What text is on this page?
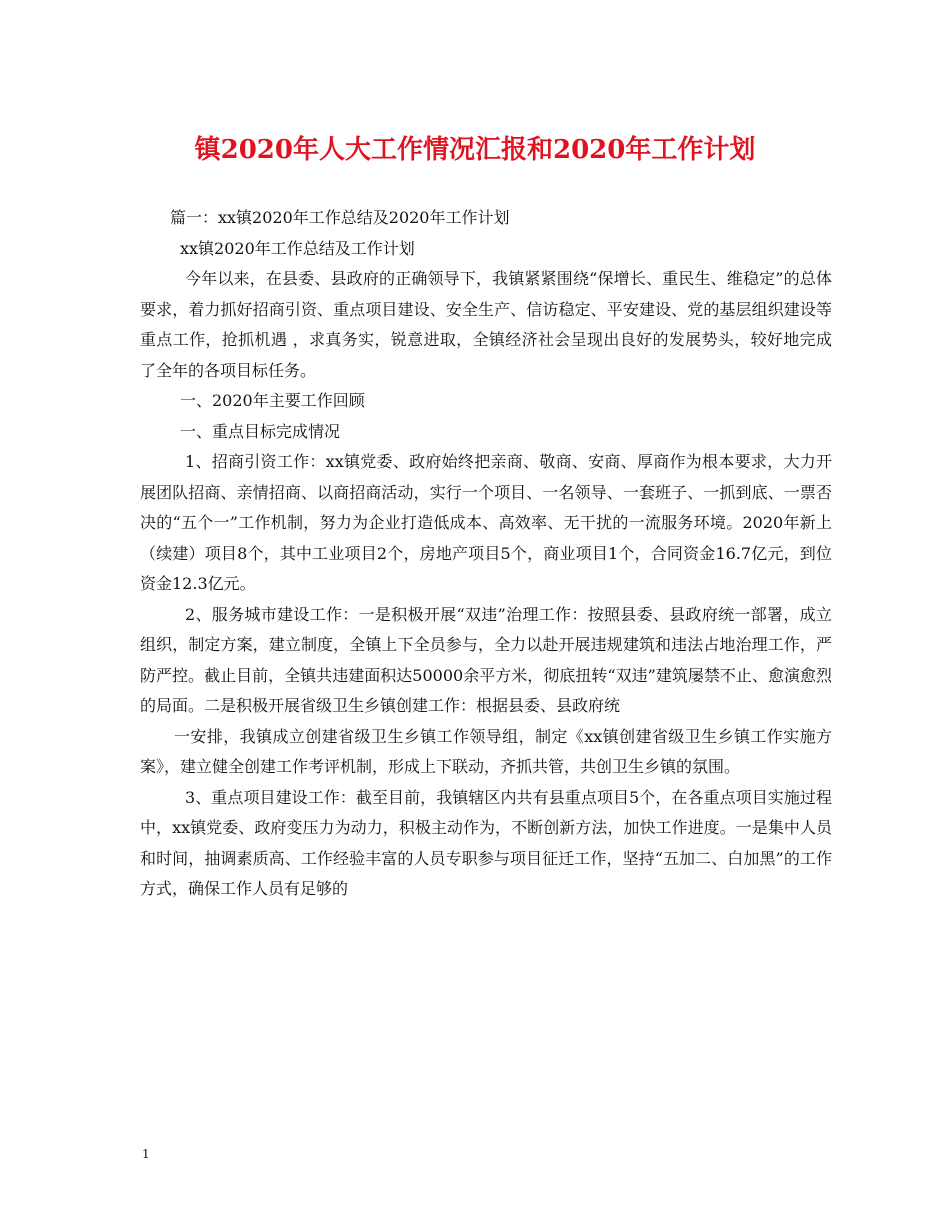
镇2020年人大工作情况汇报和2020年工作计划

篇一：xx镇2020年工作总结及2020年工作计划

xx镇2020年工作总结及工作计划

今年以来，在县委、县政府的正确领导下，我镇紧紧围绕“保增长、重民生、维稳定”的总体要求，着力抓好招商引资、重点项目建设、安全生产、信访稳定、平安建设、党的基层组织建设等重点工作，抢抓机遇 ，求真务实，锐意进取，全镇经济社会呈现出良好的发展势头，较好地完成了全年的各项目标任务。

一、2020年主要工作回顾

一、重点目标完成情况

1、招商引资工作：xx镇党委、政府始终把亲商、敬商、安商、厚商作为根本要求，大力开展团队招商、亲情招商、以商招商活动，实行一个项目、一名领导、一套班子、一抓到底、一票否决的“五个一”工作机制，努力为企业打造低成本、高效率、无干扰的一流服务环境。2020年新上（续建）项目8个，其中工业项目2个，房地产项目5个，商业项目1个，合同资金16.7亿元，到位资金12.3亿元。

2、服务城市建设工作：一是积极开展“双违”治理工作：按照县委、县政府统一部署，成立组织，制定方案，建立制度，全镇上下全员参与，全力以赴开展违规建筑和违法占地治理工作，严防严控。截止目前，全镇共违建面积达50000余平方米，彻底扭转“双违”建筑屡禁不止、愈演愈烈的局面。二是积极开展省级卫生乡镇创建工作：根据县委、县政府统

一安排，我镇成立创建省级卫生乡镇工作领导组，制定《xx镇创建省级卫生乡镇工作实施方案》，建立健全创建工作考评机制，形成上下联动，齐抓共管，共创卫生乡镇的氛围。

3、重点项目建设工作：截至目前，我镇辖区内共有县重点项目5个，在各重点项目实施过程中，xx镇党委、政府变压力为动力，积极主动作为，不断创新方法，加快工作进度。一是集中人员和时间，抽调素质高、工作经验丰富的人员专职参与项目征迁工作，坚持“五加二、白加黑”的工作方式，确保工作人员有足够的

1
